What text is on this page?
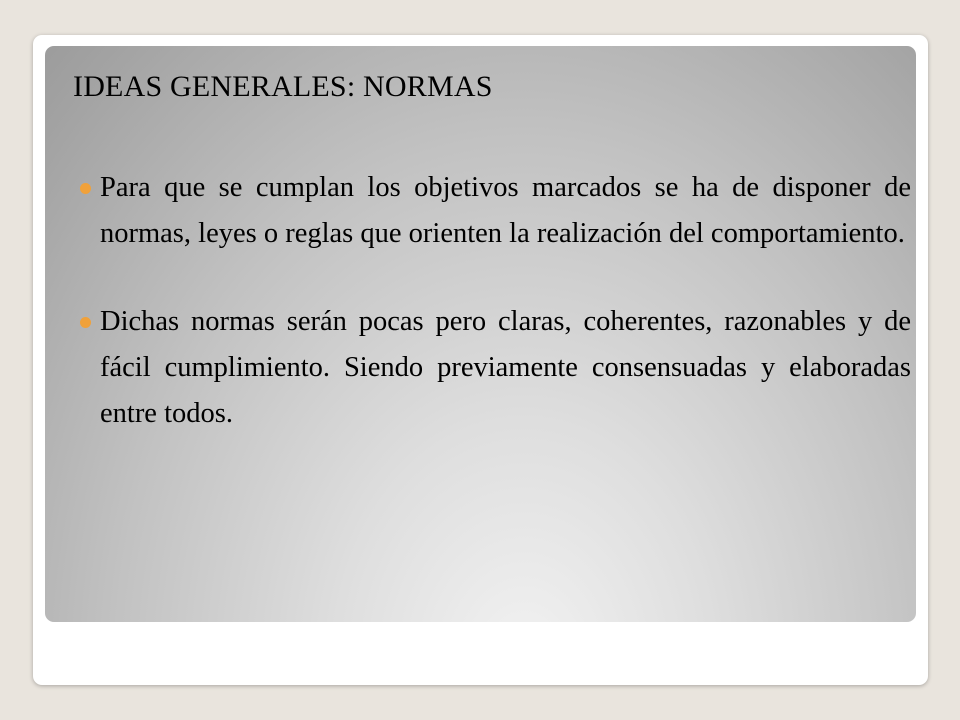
IDEAS GENERALES: NORMAS
Para que se cumplan los objetivos marcados se ha de disponer de normas, leyes o reglas que orienten la realización del comportamiento.
Dichas normas serán pocas pero claras, coherentes, razonables y de fácil cumplimiento. Siendo previamente consensuadas y elaboradas entre todos.
